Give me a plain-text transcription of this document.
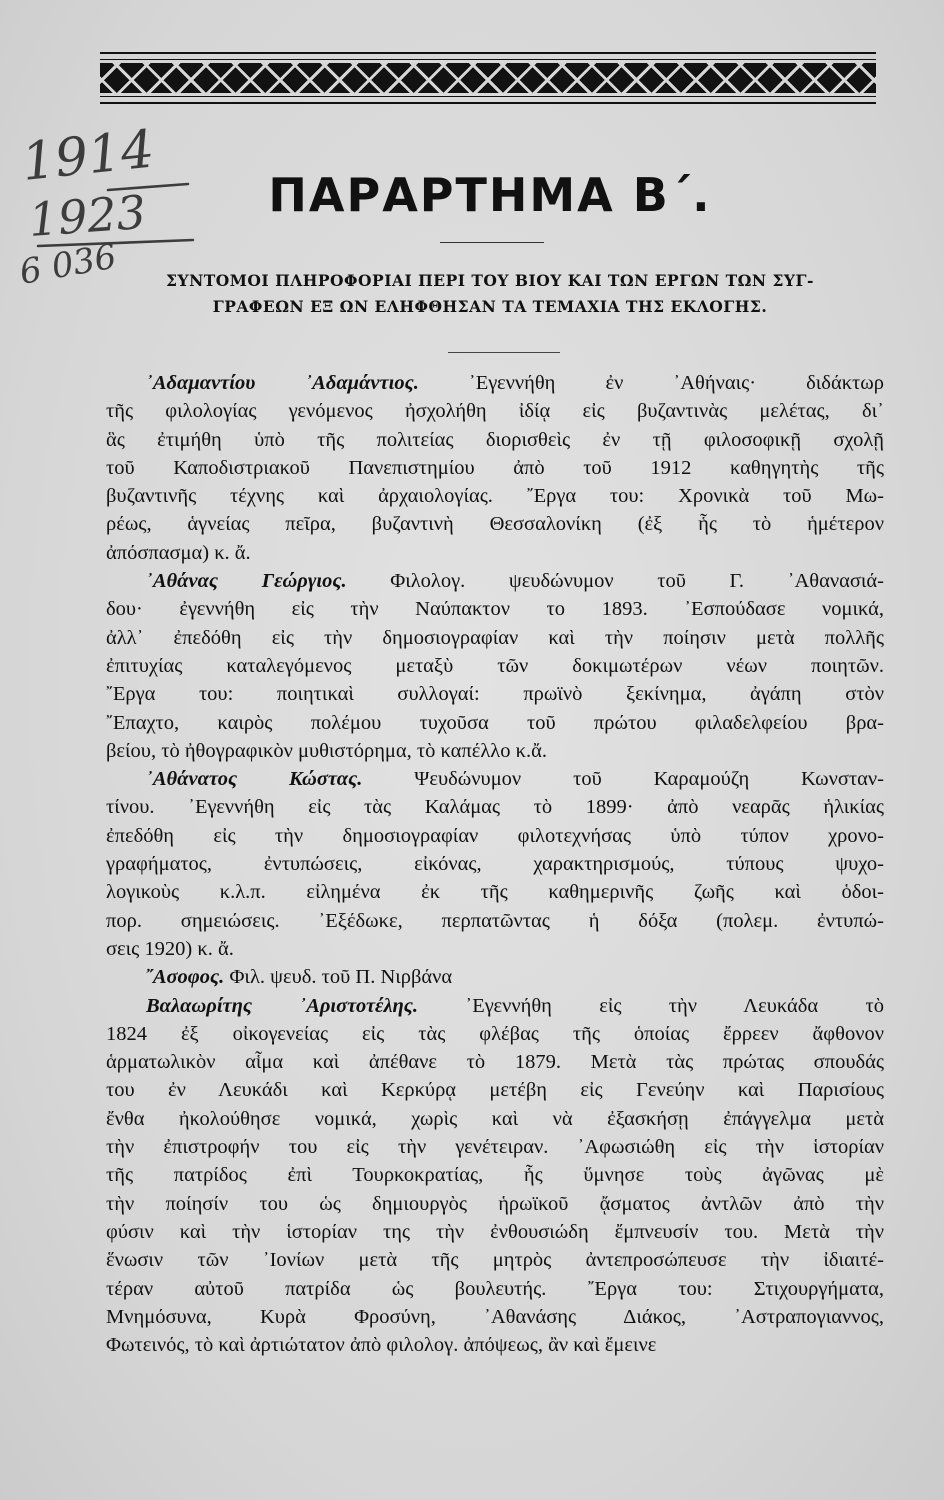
1914
1923
6 036
ΠΑΡΑΡΤΗΜΑ Β΄.
ΣΥΝΤΟΜΟΙ ΠΛΗΡΟΦΟΡΙΑΙ ΠΕΡΙ ΤΟΥ ΒΙΟΥ ΚΑΙ ΤΩΝ ΕΡΓΩΝ ΤΩΝ ΣΥΓ-
ΓΡΑΦΕΩΝ ΕΞ ΩΝ ΕΛΗΦΘΗΣΑΝ ΤΑ ΤΕΜΑΧΙΑ ΤΗΣ ΕΚΛΟΓΗΣ.
᾿Αδαμαντίου ᾿Αδαμάντιος. ᾿Εγεννήθη ἐν ᾿Αθήναις· διδάκτωρ
τῆς φιλολογίας γενόμενος ἠσχολήθη ἰδίᾳ εἰς βυζαντινὰς μελέτας, δι᾿
ἃς ἐτιμήθη ὑπὸ τῆς πολιτείας διορισθεὶς ἐν τῇ φιλοσοφικῇ σχολῇ
τοῦ Καποδιστριακοῦ Πανεπιστημίου ἀπὸ τοῦ 1912 καθηγητὴς τῆς
βυζαντινῆς τέχνης καὶ ἀρχαιολογίας. ῎Εργα του: Χρονικὰ τοῦ Μω-
ρέως, ἁγνείας πεῖρα, βυζαντινὴ Θεσσαλονίκη (ἐξ ἧς τὸ ἡμέτερον
ἀπόσπασμα) κ. ἄ.
᾿Αθάνας Γεώργιος. Φιλολογ. ψευδώνυμον τοῦ Γ. ᾿Αθανασιά-
δου· ἐγεννήθη εἰς τὴν Ναύπακτον το 1893. ᾿Εσπούδασε νομικά,
ἀλλ᾿ ἐπεδόθη εἰς τὴν δημοσιογραφίαν καὶ τὴν ποίησιν μετὰ πολλῆς
ἐπιτυχίας καταλεγόμενος μεταξὺ τῶν δοκιμωτέρων νέων ποιητῶν.
῎Εργα του: ποιητικαὶ συλλογαί: πρωϊνὸ ξεκίνημα, ἀγάπη στὸν
῎Επαχτο, καιρὸς πολέμου τυχοῦσα τοῦ πρώτου φιλαδελφείου βρα-
βείου, τὸ ἠθογραφικὸν μυθιστόρημα, τὸ καπέλλο κ.ἄ.
᾿Αθάνατος Κώστας. Ψευδώνυμον τοῦ Καραμούζη Κωνσταν-
τίνου. ᾿Εγεννήθη εἰς τὰς Καλάμας τὸ 1899· ἀπὸ νεαρᾶς ἡλικίας
ἐπεδόθη εἰς τὴν δημοσιογραφίαν φιλοτεχνήσας ὑπὸ τύπον χρονο-
γραφήματος, ἐντυπώσεις, εἰκόνας, χαρακτηρισμούς, τύπους ψυχο-
λογικοὺς κ.λ.π. εἰλημένα ἐκ τῆς καθημερινῆς ζωῆς καὶ ὁδοι-
πορ. σημειώσεις. ᾿Εξέδωκε, περπατῶντας ἡ δόξα (πολεμ. ἐντυπώ-
σεις 1920) κ. ἄ.
῎Ασοφος. Φιλ. ψευδ. τοῦ Π. Νιρβάνα
Βαλαωρίτης ᾿Αριστοτέλης. ᾿Εγεννήθη εἰς τὴν Λευκάδα τὸ
1824 ἐξ οἰκογενείας εἰς τὰς φλέβας τῆς ὁποίας ἔρρεεν ἄφθονον
ἁρματωλικὸν αἷμα καὶ ἀπέθανε τὸ 1879. Μετὰ τὰς πρώτας σπουδάς
του ἐν Λευκάδι καὶ Κερκύρᾳ μετέβη εἰς Γενεύην καὶ Παρισίους
ἔνθα ἠκολούθησε νομικά, χωρὶς καὶ νὰ ἐξασκήσῃ ἐπάγγελμα μετὰ
τὴν ἐπιστροφήν του εἰς τὴν γενέτειραν. ᾿Αφωσιώθη εἰς τὴν ἱστορίαν
τῆς πατρίδος ἐπὶ Τουρκοκρατίας, ἧς ὕμνησε τοὺς ἀγῶνας μὲ
τὴν ποίησίν του ὡς δημιουργὸς ἡρωϊκοῦ ᾄσματος ἀντλῶν ἀπὸ τὴν
φύσιν καὶ τὴν ἱστορίαν της τὴν ἐνθουσιώδη ἔμπνευσίν του. Μετὰ τὴν
ἕνωσιν τῶν ᾿Ιονίων μετὰ τῆς μητρὸς ἀντεπροσώπευσε τὴν ἰδιαιτέ-
τέραν αὐτοῦ πατρίδα ὡς βουλευτής. ῎Εργα του: Στιχουργήματα,
Μνημόσυνα, Κυρὰ Φροσύνη, ᾿Αθανάσης Διάκος, ᾿Αστραπογιαννος,
Φωτεινός, τὸ καὶ ἀρτιώτατον ἀπὸ φιλολογ. ἀπόψεως, ἂν καὶ ἔμεινε
